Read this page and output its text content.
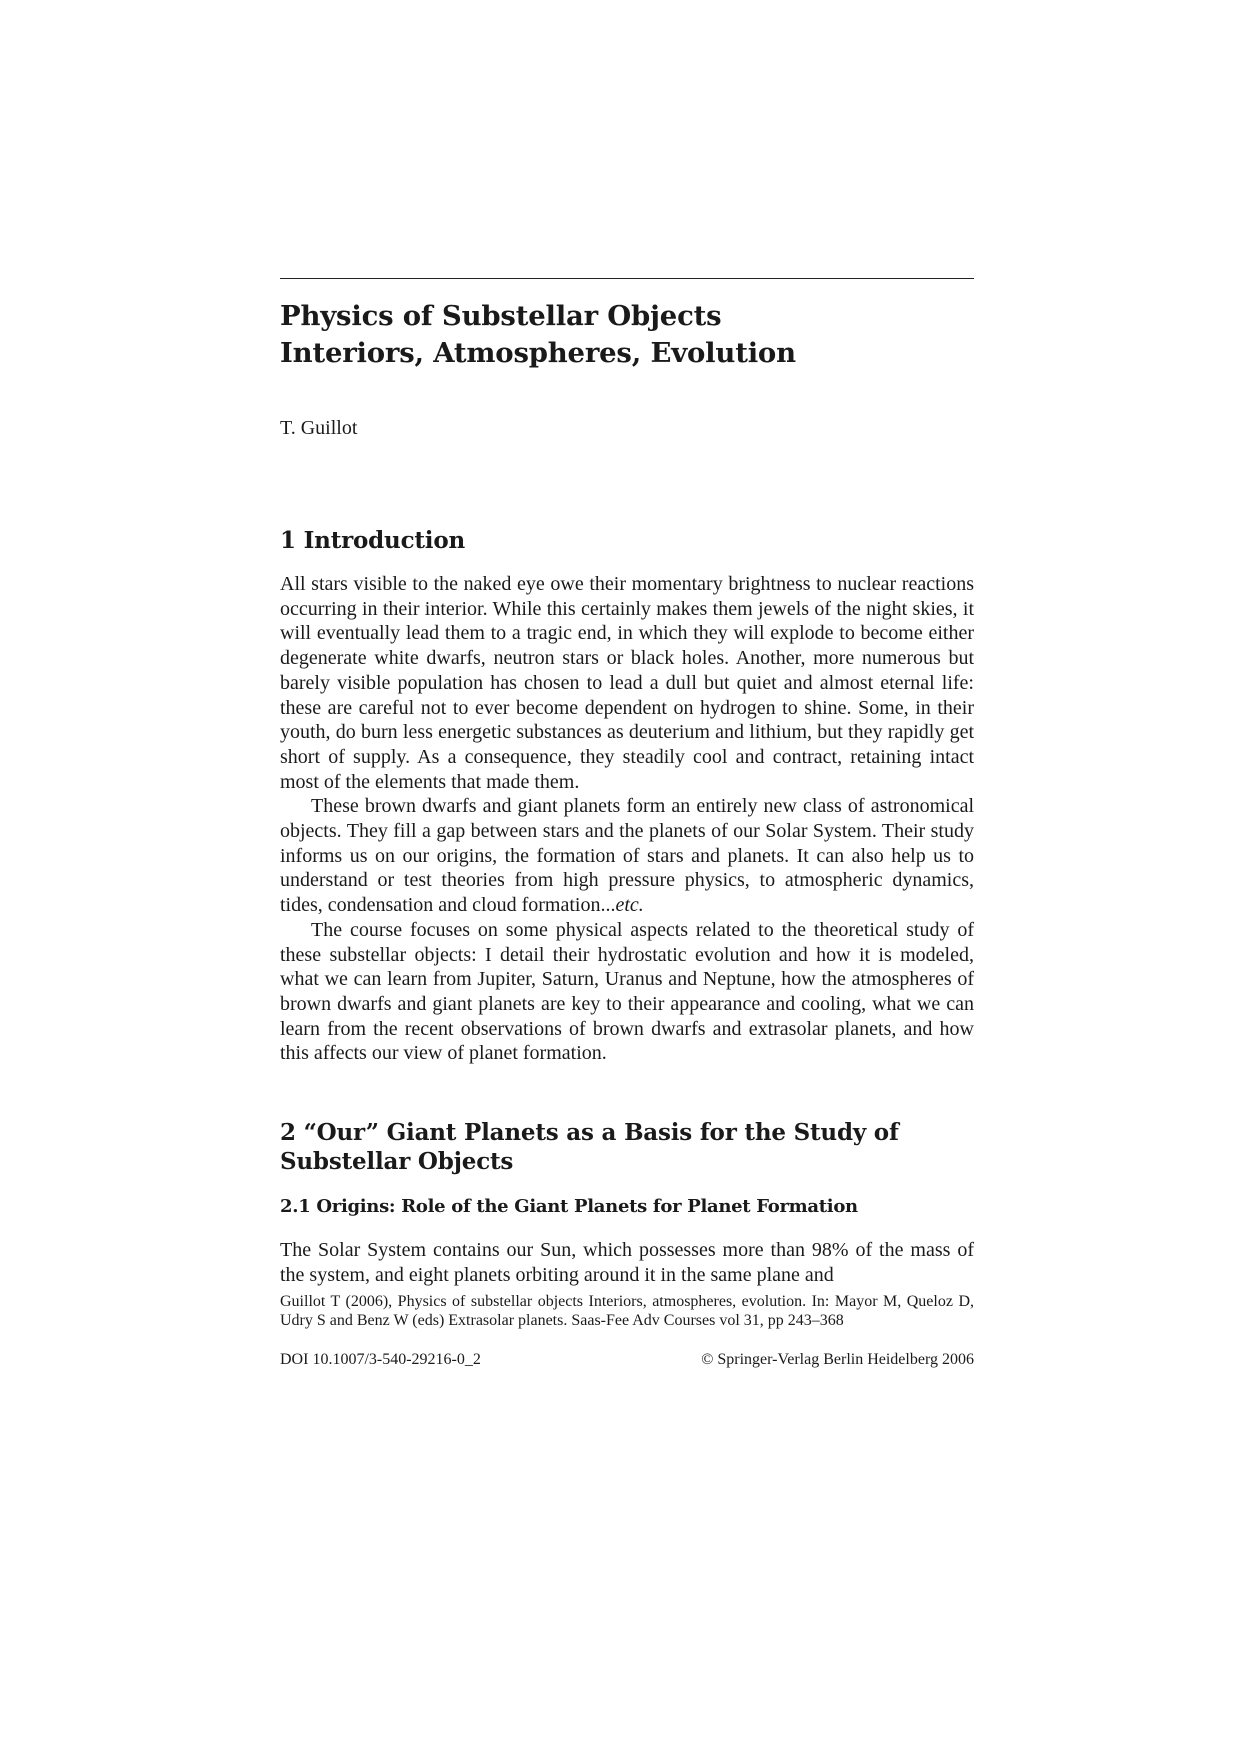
Physics of Substellar Objects
Interiors, Atmospheres, Evolution

T. Guillot

1 Introduction

All stars visible to the naked eye owe their momentary brightness to nuclear reactions occurring in their interior. While this certainly makes them jewels of the night skies, it will eventually lead them to a tragic end, in which they will explode to become either degenerate white dwarfs, neutron stars or black holes. Another, more numerous but barely visible population has chosen to lead a dull but quiet and almost eternal life: these are careful not to ever become dependent on hydrogen to shine. Some, in their youth, do burn less energetic substances as deuterium and lithium, but they rapidly get short of supply. As a consequence, they steadily cool and contract, retaining intact most of the elements that made them.

These brown dwarfs and giant planets form an entirely new class of astronomical objects. They fill a gap between stars and the planets of our Solar System. Their study informs us on our origins, the formation of stars and planets. It can also help us to understand or test theories from high pressure physics, to atmospheric dynamics, tides, condensation and cloud formation...etc.

The course focuses on some physical aspects related to the theoretical study of these substellar objects: I detail their hydrostatic evolution and how it is modeled, what we can learn from Jupiter, Saturn, Uranus and Neptune, how the atmospheres of brown dwarfs and giant planets are key to their appearance and cooling, what we can learn from the recent observations of brown dwarfs and extrasolar planets, and how this affects our view of planet formation.

2 “Our” Giant Planets as a Basis for the Study of
Substellar Objects
2.1 Origins: Role of the Giant Planets for Planet Formation

The Solar System contains our Sun, which possesses more than 98% of the mass of the system, and eight planets orbiting around it in the same plane and

Guillot T (2006), Physics of substellar objects Interiors, atmospheres, evolution. In: Mayor M, Queloz D, Udry S and Benz W (eds) Extrasolar planets. Saas-Fee Adv Courses vol 31, pp 243–368

DOI 10.1007/3-540-29216-0_2	© Springer-Verlag Berlin Heidelberg 2006
